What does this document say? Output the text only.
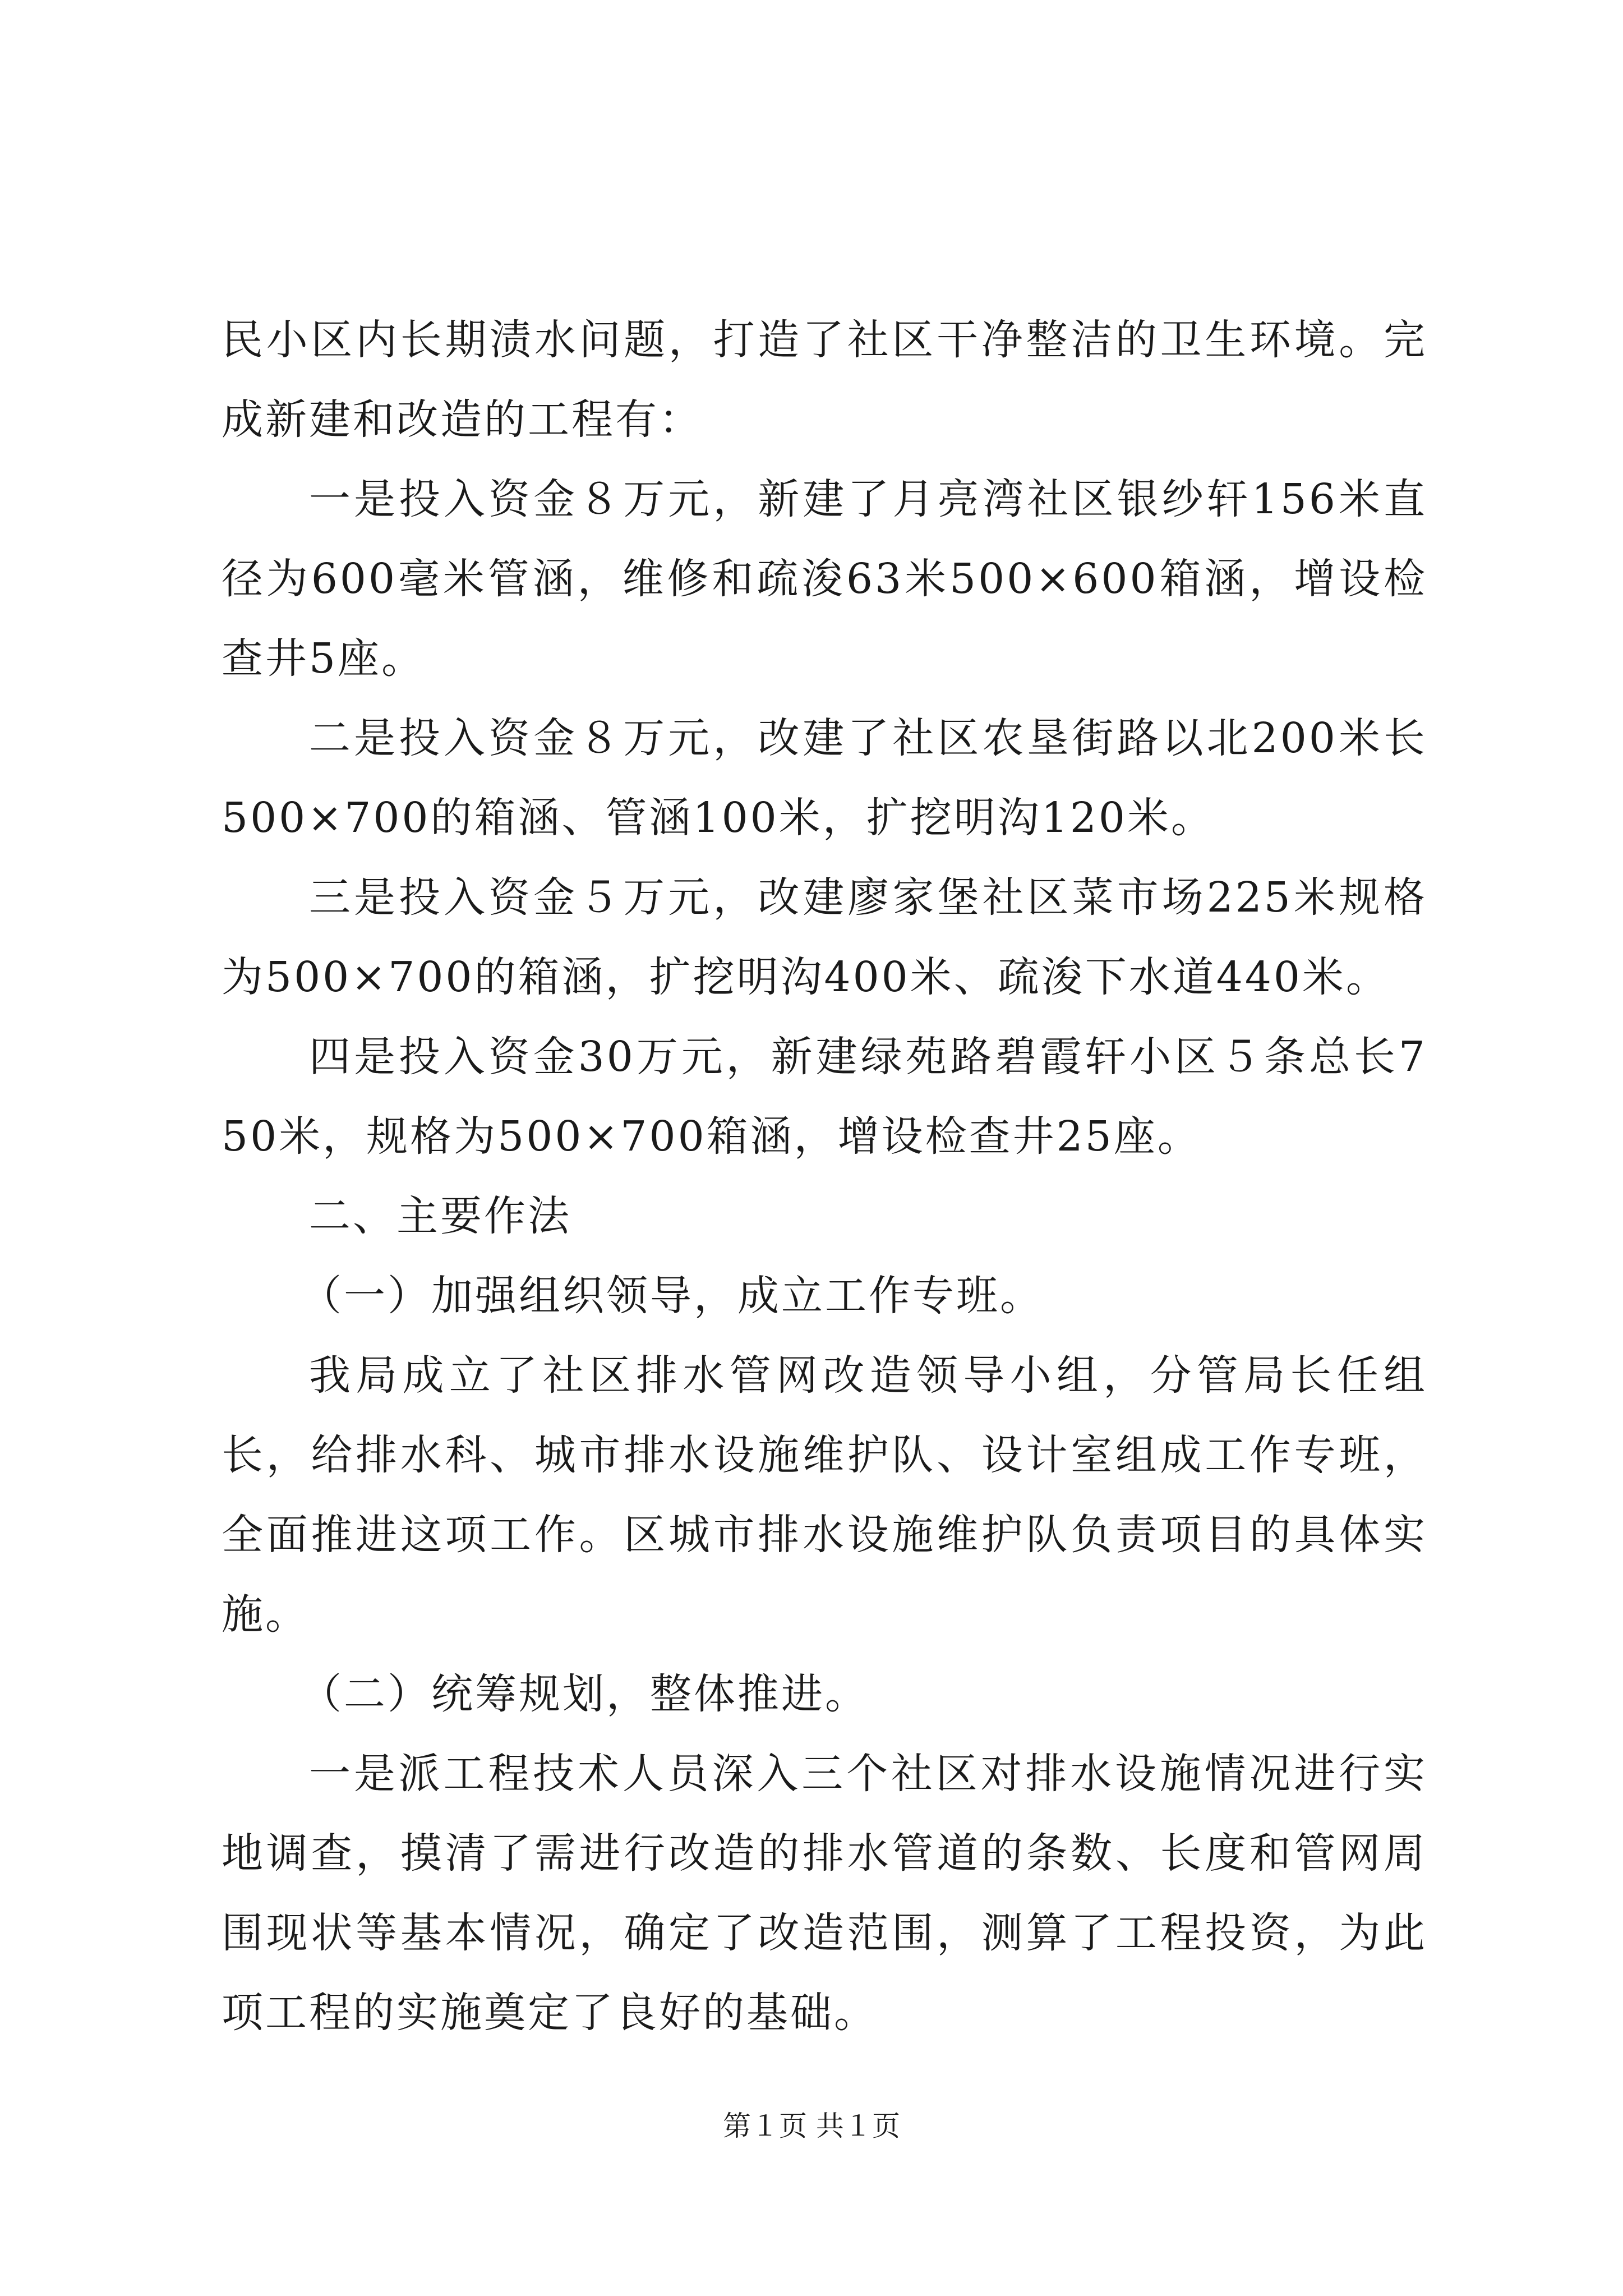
民小区内长期渍水问题，打造了社区干净整洁的卫生环境。完成新建和改造的工程有：

一是投入资金８万元，新建了月亮湾社区银纱轩156米直径为600毫米管涵，维修和疏浚63米500×600箱涵，增设检查井5座。

二是投入资金８万元，改建了社区农垦街路以北200米长500×700的箱涵、管涵100米，扩挖明沟120米。

三是投入资金５万元，改建廖家堡社区菜市场225米规格为500×700的箱涵，扩挖明沟400米、疏浚下水道440米。

四是投入资金30万元，新建绿苑路碧霞轩小区５条总长750米，规格为500×700箱涵，增设检查井25座。

二、主要作法

（一）加强组织领导，成立工作专班。

我局成立了社区排水管网改造领导小组，分管局长任组长，给排水科、城市排水设施维护队、设计室组成工作专班，全面推进这项工作。区城市排水设施维护队负责项目的具体实施。

（二）统筹规划，整体推进。

一是派工程技术人员深入三个社区对排水设施情况进行实地调查，摸清了需进行改造的排水管道的条数、长度和管网周围现状等基本情况，确定了改造范围，测算了工程投资，为此项工程的实施奠定了良好的基础。

第１页 共１页
